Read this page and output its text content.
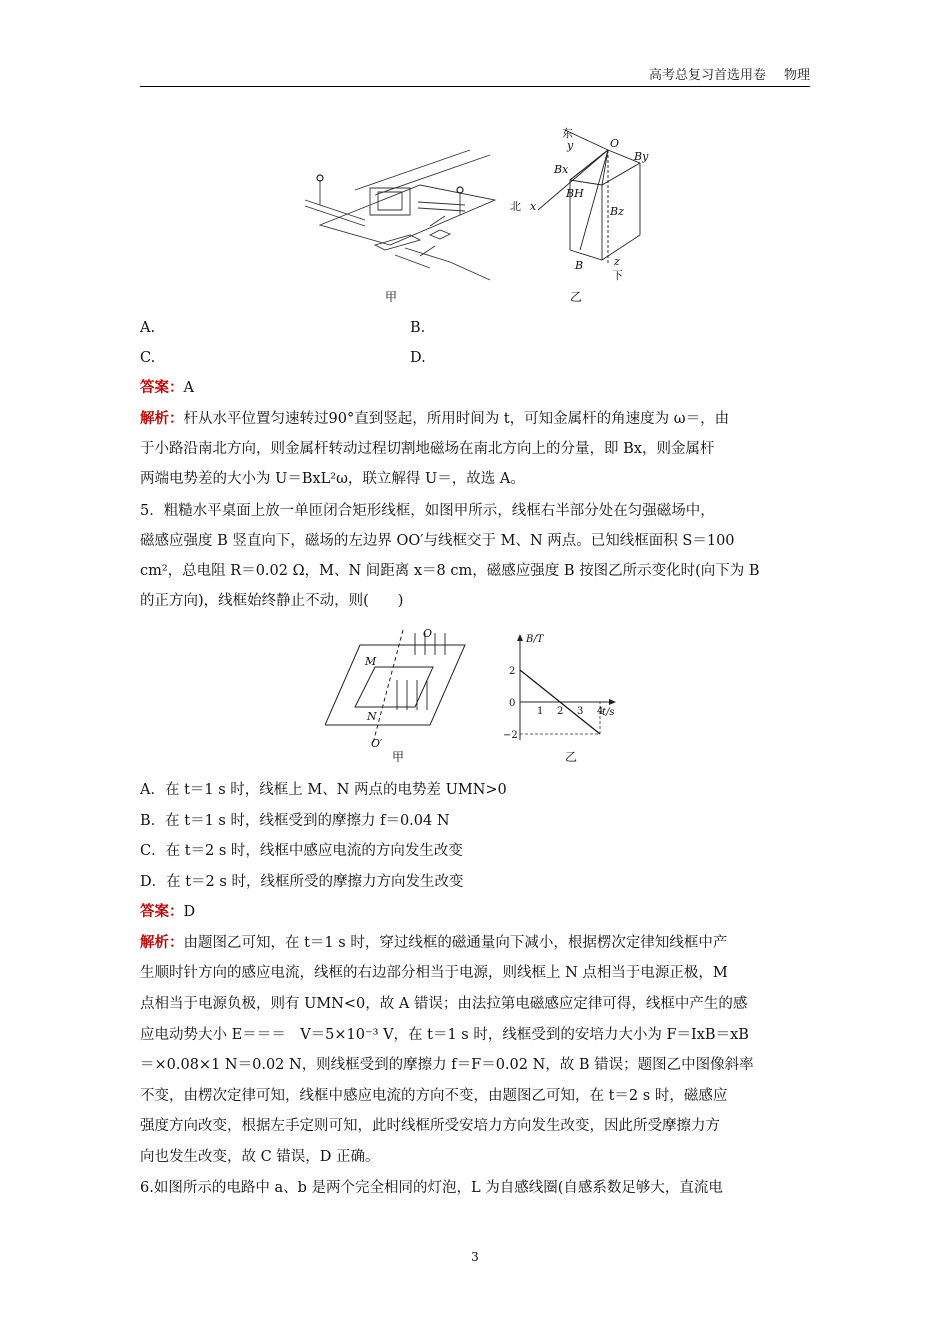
高考总复习首选用卷 物理
甲
O
东
y
北 x
By
Bx
BH
Bz
B	z
下
乙
A.	B.
C.	D.
答案：A
解析：杆从水平位置匀速转过90°直到竖起，所用时间为 t，可知金属杆的角速度为 ω＝，由
于小路沿南北方向，则金属杆转动过程切割地磁场在南北方向上的分量，即 Bx，则金属杆
两端电势差的大小为 U＝BxL²ω，联立解得 U＝，故选 A。
5．粗糙水平桌面上放一单匝闭合矩形线框，如图甲所示，线框右半部分处在匀强磁场中，
磁感应强度 B 竖直向下，磁场的左边界 OO′与线框交于 M、N 两点。已知线框面积 S＝100
cm²，总电阻 R＝0.02 Ω，M、N 间距离 x＝8 cm，磁感应强度 B 按图乙所示变化时(向下为 B
的正方向)，线框始终静止不动，则(　　)
O
M
N
O′
甲
B/T
t/s
2
0
−2
1 2 3 4
乙
A．在 t＝1 s 时，线框上 M、N 两点的电势差 UMN>0
B．在 t＝1 s 时，线框受到的摩擦力 f＝0.04 N
C．在 t＝2 s 时，线框中感应电流的方向发生改变
D．在 t＝2 s 时，线框所受的摩擦力方向发生改变
答案：D
解析：由题图乙可知，在 t＝1 s 时，穿过线框的磁通量向下减小，根据楞次定律知线框中产
生顺时针方向的感应电流，线框的右边部分相当于电源，则线框上 N 点相当于电源正极，M
点相当于电源负极，则有 UMN<0，故 A 错误；由法拉第电磁感应定律可得，线框中产生的感
应电动势大小 E＝＝＝　V＝5×10⁻³ V，在 t＝1 s 时，线框受到的安培力大小为 F＝IxB＝xB
＝×0.08×1 N＝0.02 N，则线框受到的摩擦力 f＝F＝0.02 N，故 B 错误；题图乙中图像斜率
不变，由楞次定律可知，线框中感应电流的方向不变，由题图乙可知，在 t＝2 s 时，磁感应
强度方向改变，根据左手定则可知，此时线框所受安培力方向发生改变，因此所受摩擦力方
向也发生改变，故 C 错误，D 正确。
6.如图所示的电路中 a、b 是两个完全相同的灯泡，L 为自感线圈(自感系数足够大，直流电
3
